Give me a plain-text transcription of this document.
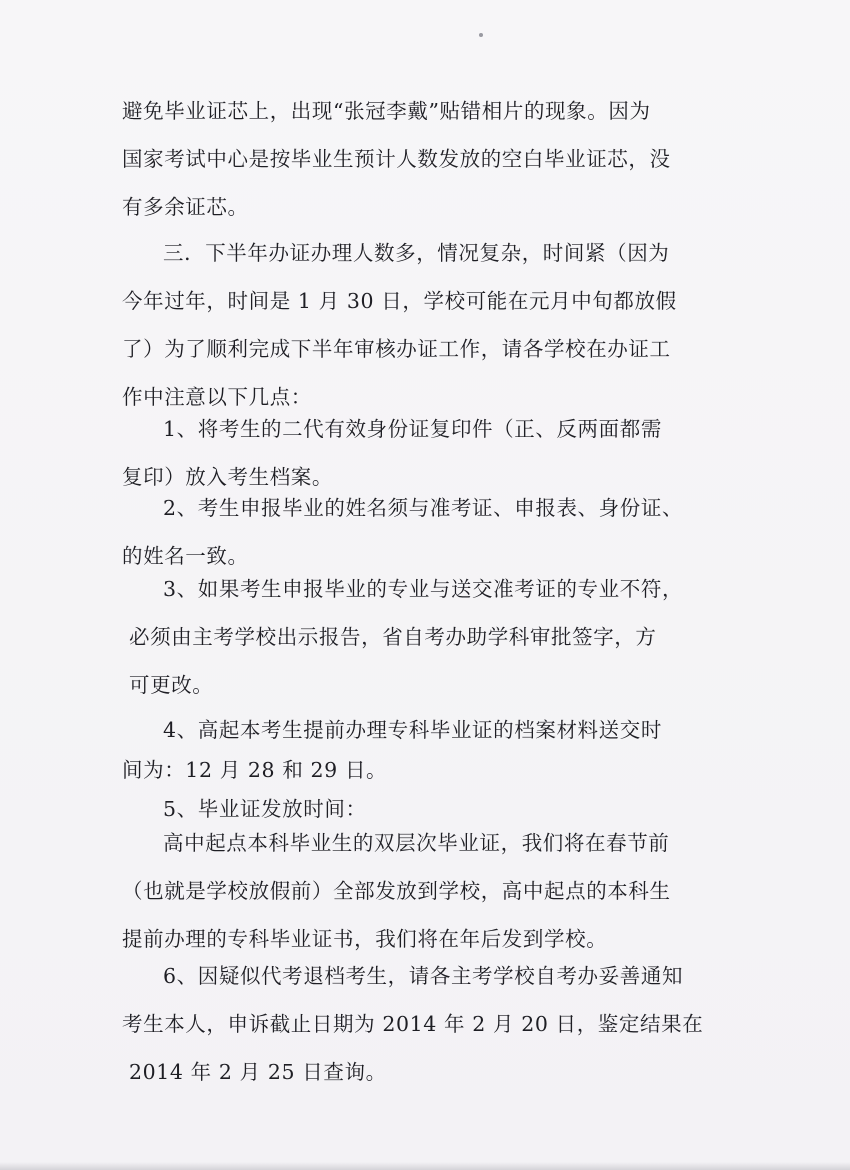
避免毕业证芯上，出现“张冠李戴”贴错相片的现象。因为
国家考试中心是按毕业生预计人数发放的空白毕业证芯，没
有多余证芯。
三．下半年办证办理人数多，情况复杂，时间紧（因为
今年过年，时间是 1 月 30 日，学校可能在元月中旬都放假
了）为了顺利完成下半年审核办证工作，请各学校在办证工
作中注意以下几点：
1、将考生的二代有效身份证复印件（正、反两面都需
复印）放入考生档案。
2、考生申报毕业的姓名须与准考证、申报表、身份证、
的姓名一致。
3、如果考生申报毕业的专业与送交准考证的专业不符，
必须由主考学校出示报告，省自考办助学科审批签字，方
可更改。
4、高起本考生提前办理专科毕业证的档案材料送交时
间为：12 月 28 和 29 日。
5、毕业证发放时间：
高中起点本科毕业生的双层次毕业证，我们将在春节前
（也就是学校放假前）全部发放到学校，高中起点的本科生
提前办理的专科毕业证书，我们将在年后发到学校。
6、因疑似代考退档考生，请各主考学校自考办妥善通知
考生本人，申诉截止日期为 2014 年 2 月 20 日，鉴定结果在
2014 年 2 月 25 日查询。
